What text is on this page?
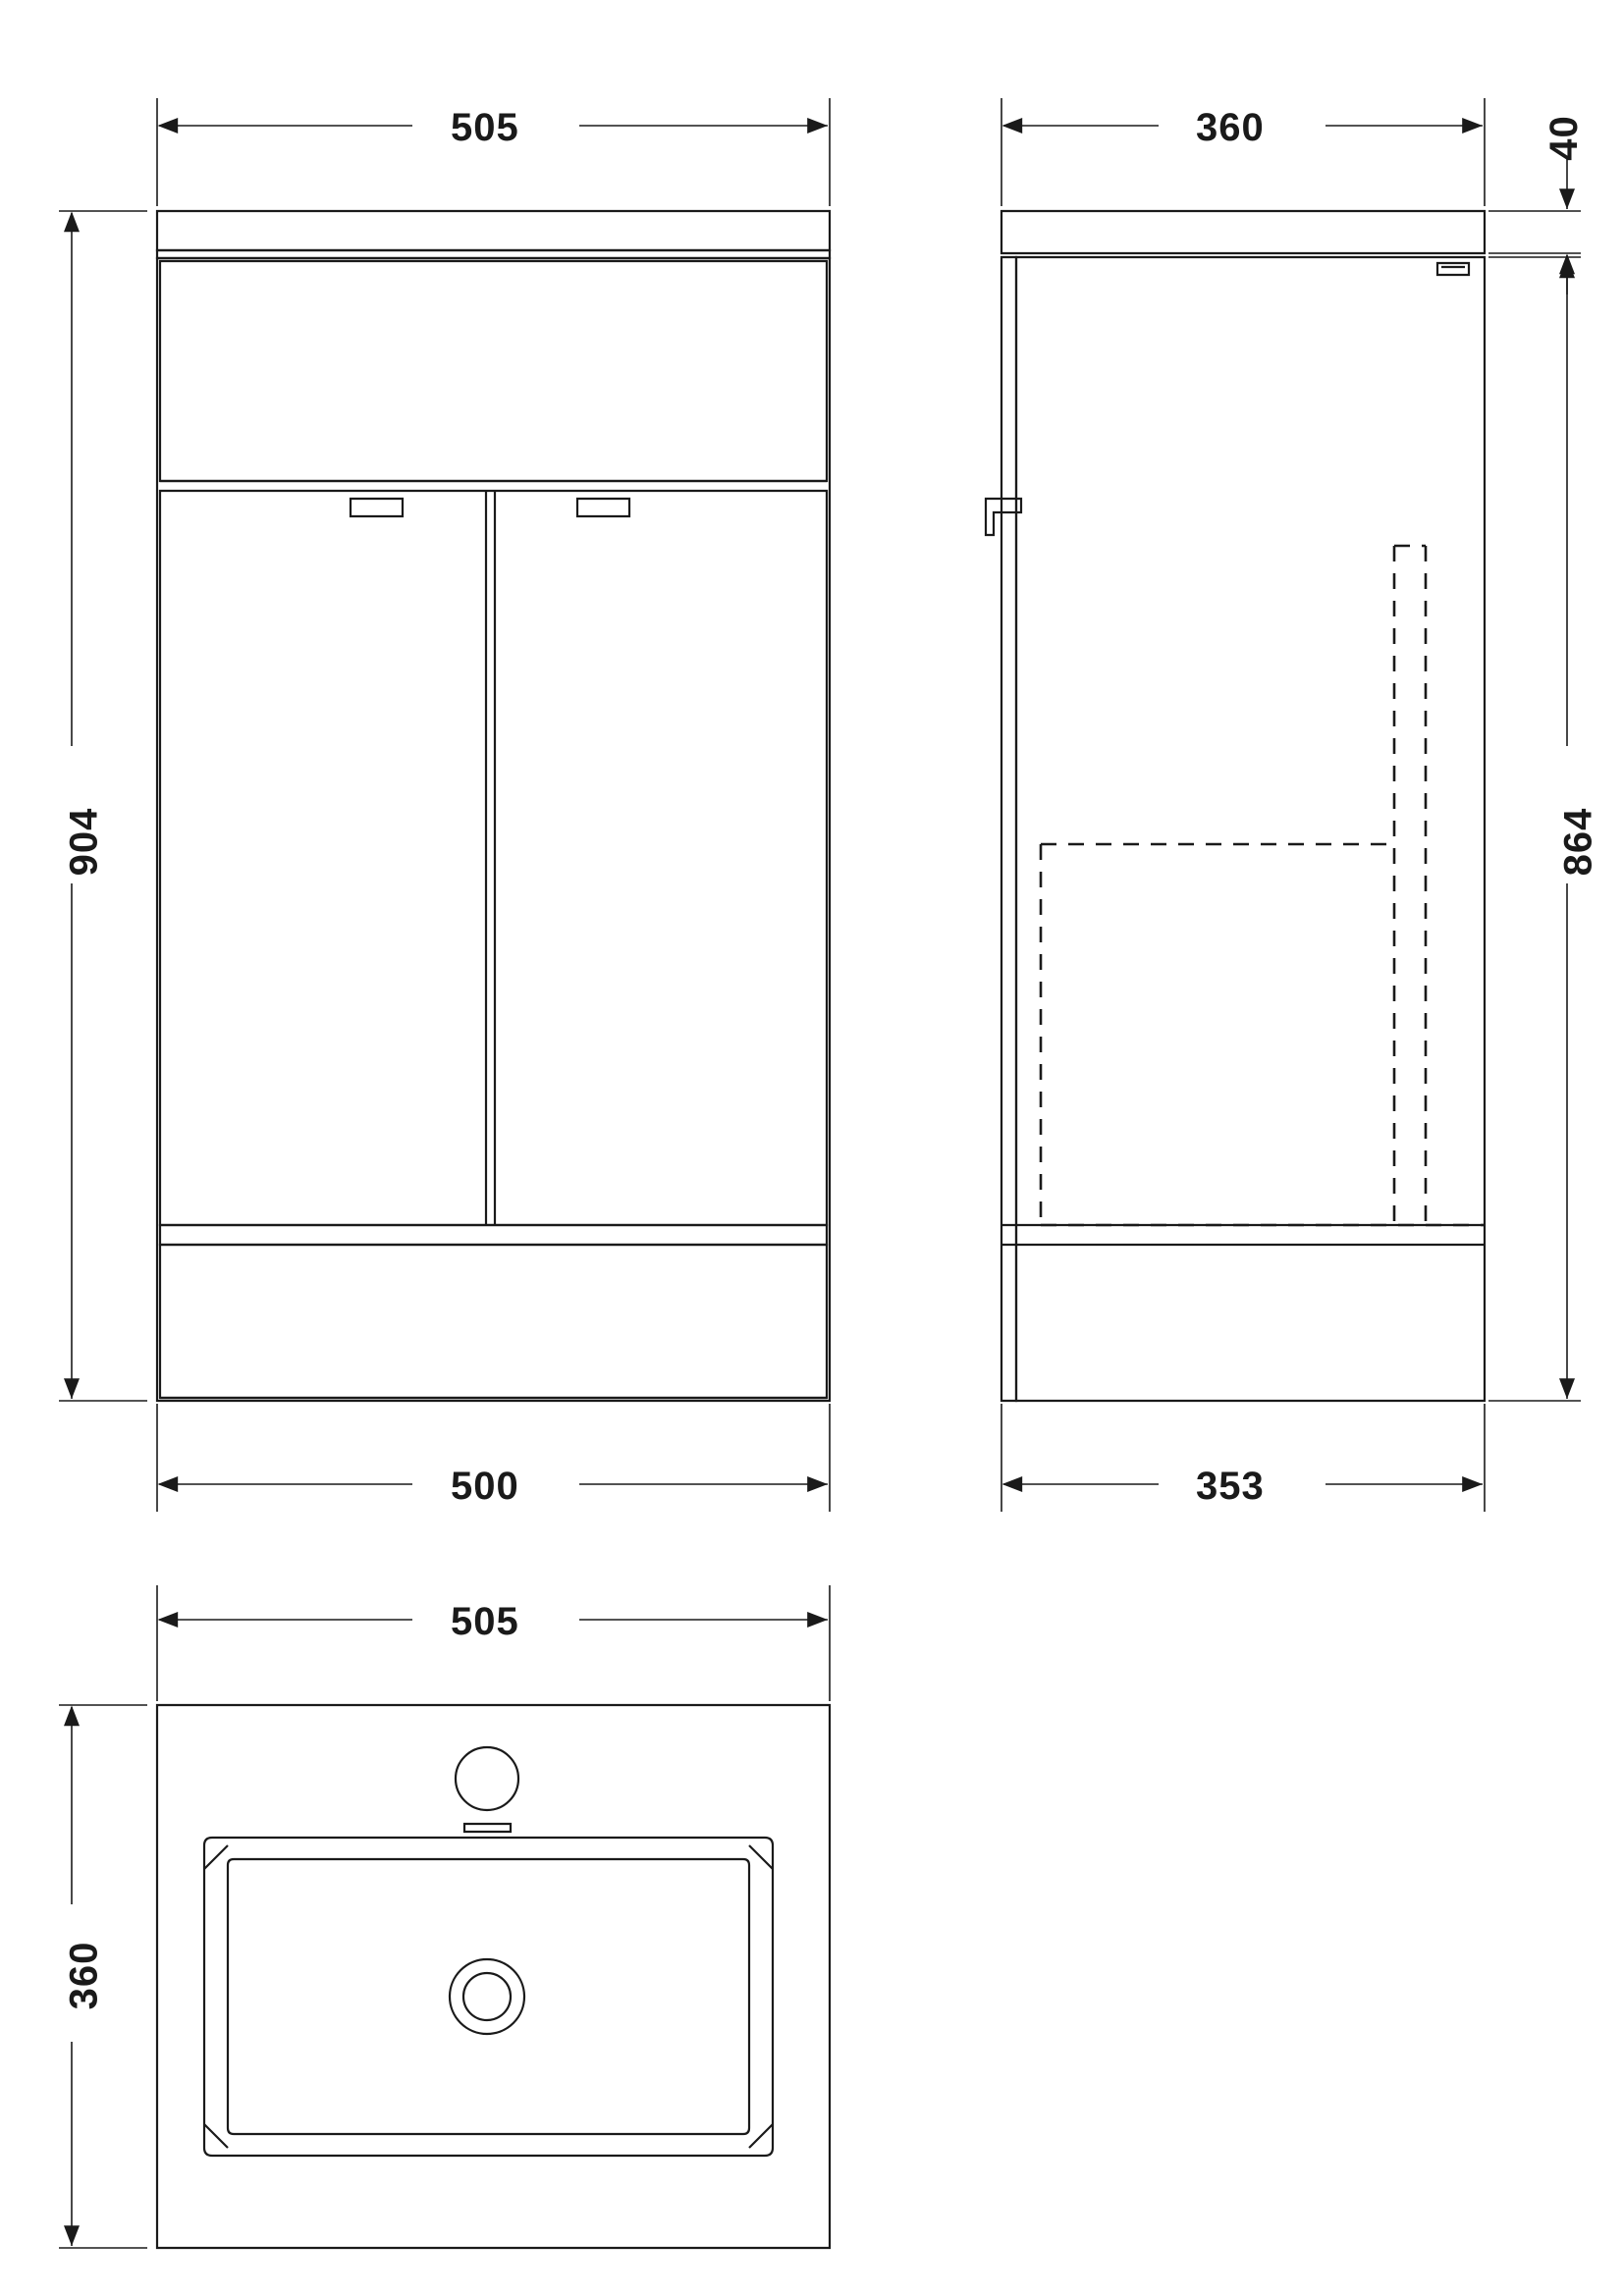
505
904
500
360	40
864
353
505
360
